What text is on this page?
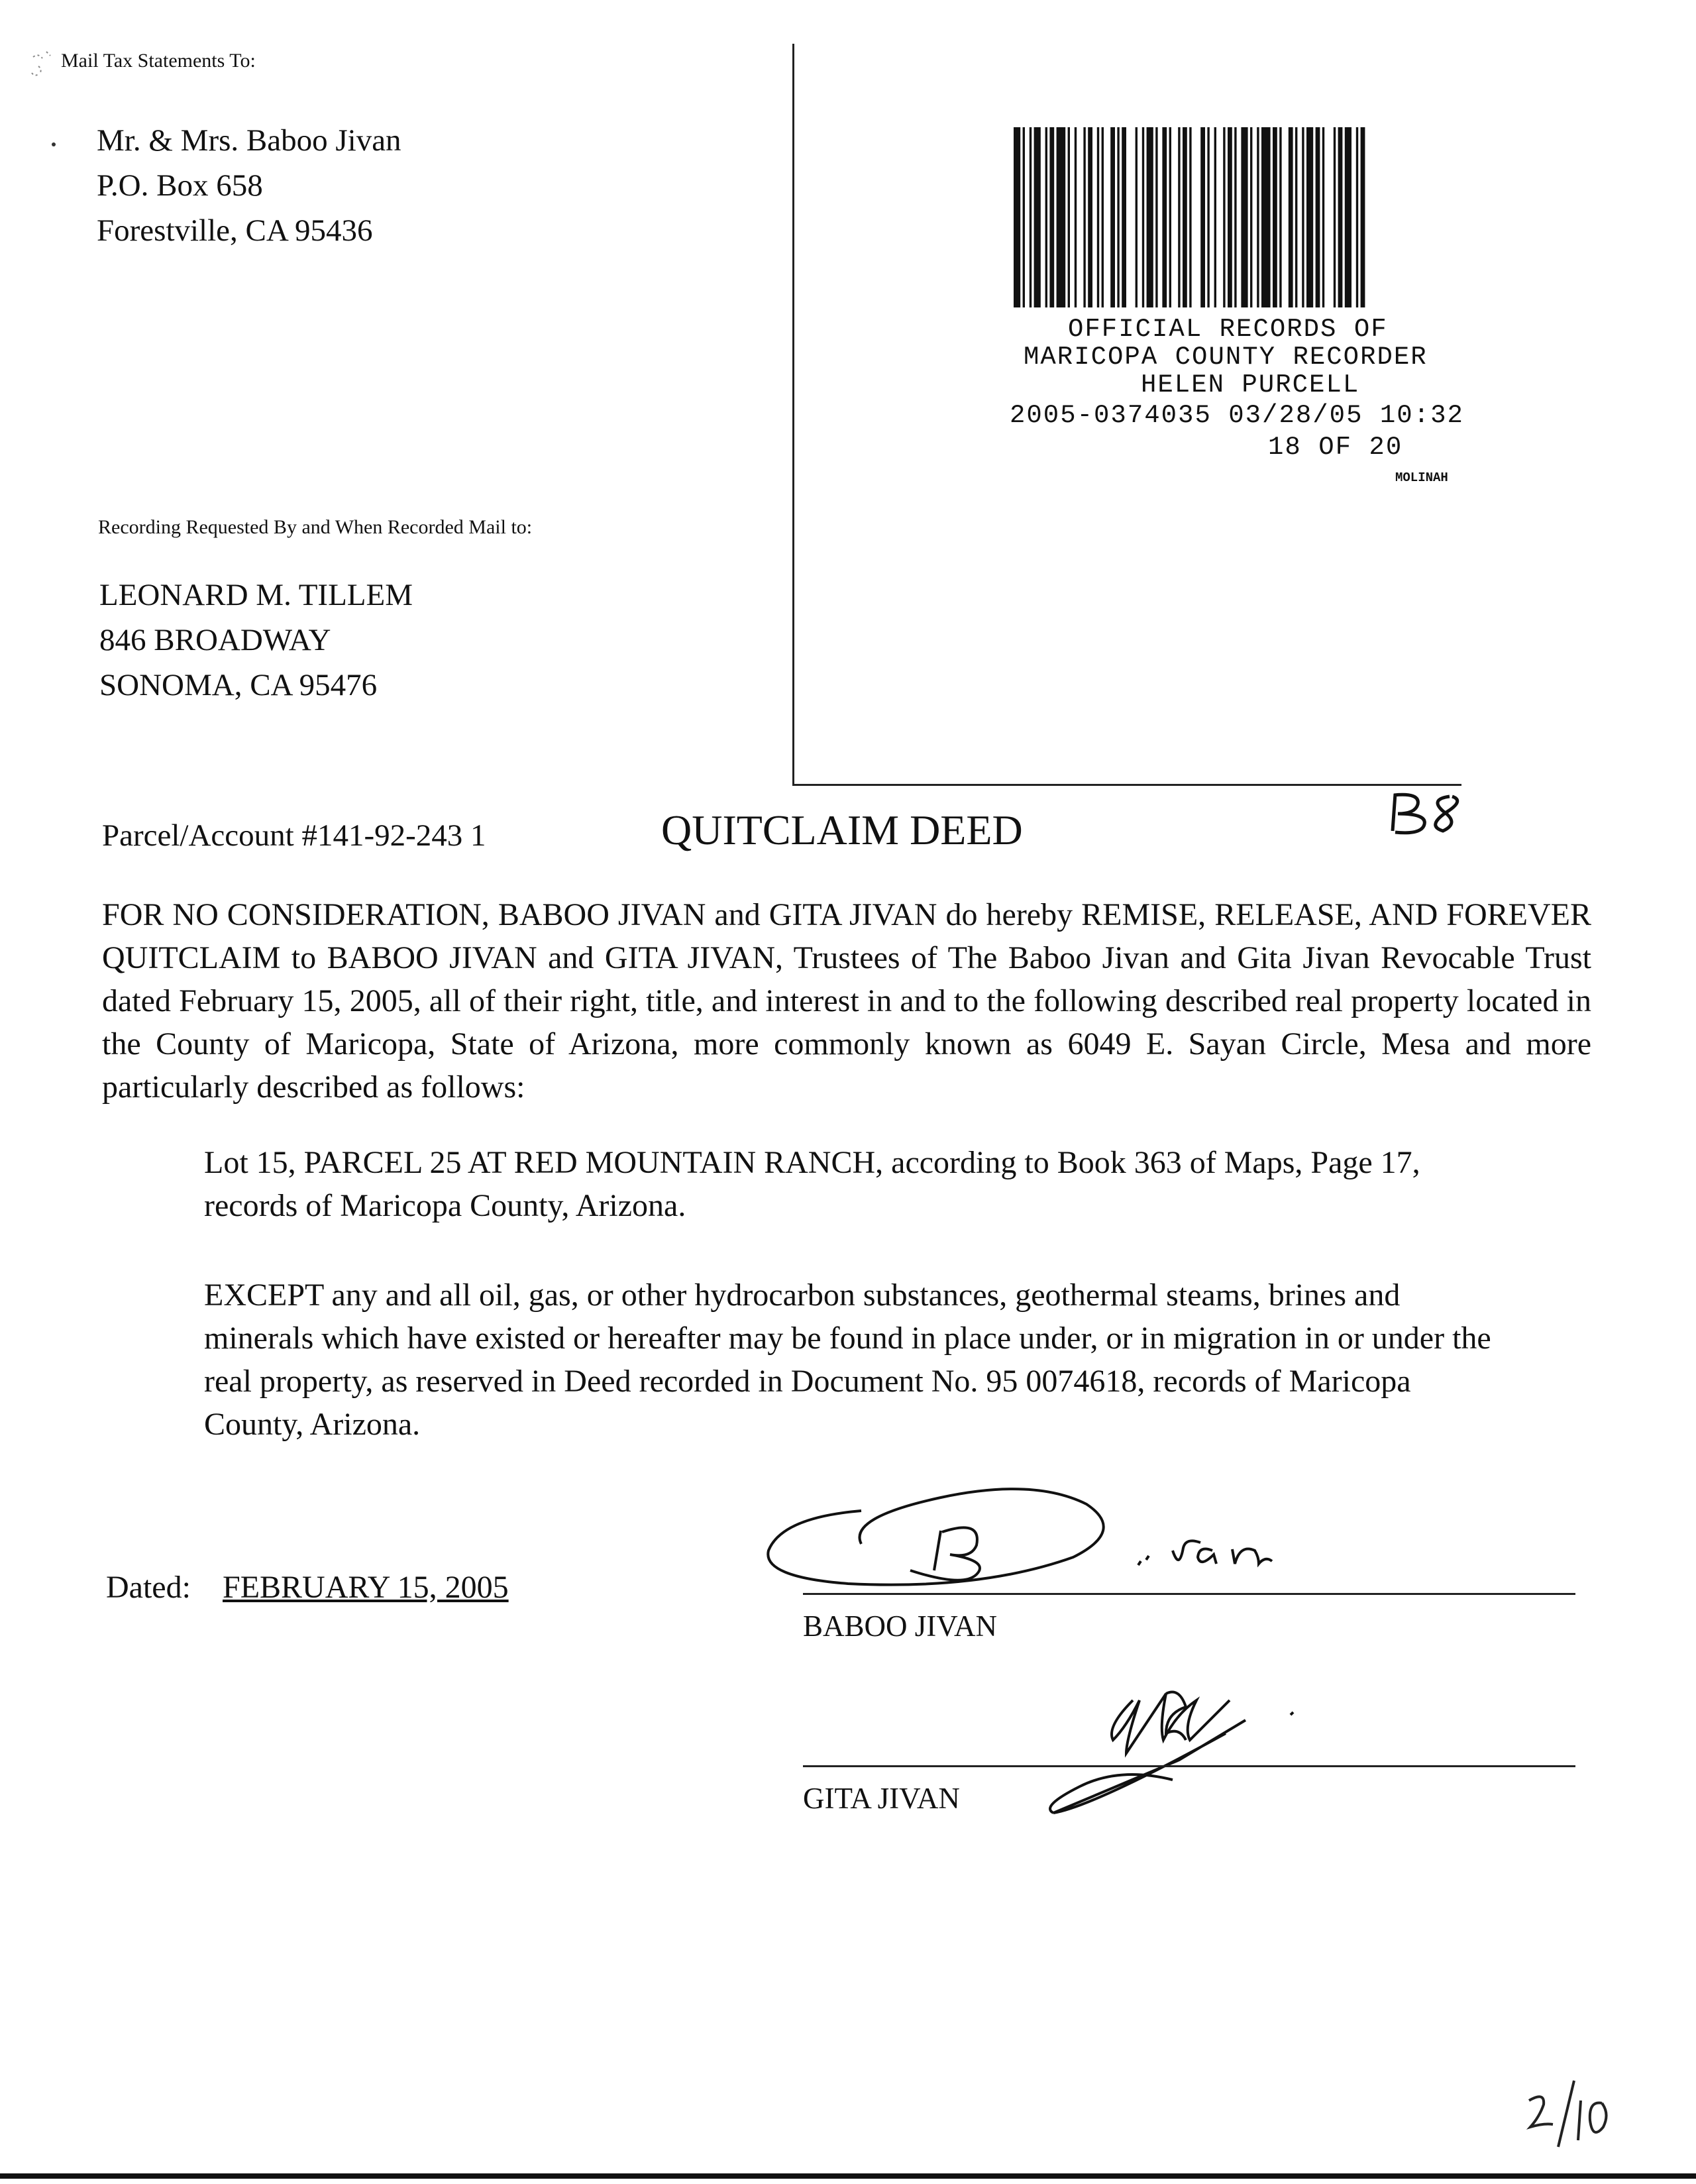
Mail Tax Statements To:
Mr. & Mrs. Baboo Jivan
P.O. Box 658
Forestville, CA 95436
OFFICIAL RECORDS OF
MARICOPA COUNTY RECORDER
HELEN PURCELL
2005-0374035 03/28/05 10:32
18 OF 20
MOLINAH
Recording Requested By and When Recorded Mail to:
LEONARD M. TILLEM
846 BROADWAY
SONOMA, CA 95476
Parcel/Account #141-92-243 1	QUITCLAIM DEED
FOR NO CONSIDERATION, BABOO JIVAN and GITA JIVAN do hereby REMISE, RELEASE, AND FOREVER QUITCLAIM to BABOO JIVAN and GITA JIVAN, Trustees of The Baboo Jivan and Gita Jivan Revocable Trust dated February 15, 2005, all of their right, title, and interest in and to the following described real property located in the County of Maricopa, State of Arizona, more commonly known as 6049 E. Sayan Circle, Mesa and more particularly described as follows:
Lot 15, PARCEL 25 AT RED MOUNTAIN RANCH, according to Book 363 of Maps, Page 17, records of Maricopa County, Arizona.
EXCEPT any and all oil, gas, or other hydrocarbon substances, geothermal steams, brines and minerals which have existed or hereafter may be found in place under, or in migration in or under the real property, as reserved in Deed recorded in Document No. 95 0074618, records of Maricopa County, Arizona.
Dated: FEBRUARY 15, 2005
BABOO JIVAN
GITA JIVAN
